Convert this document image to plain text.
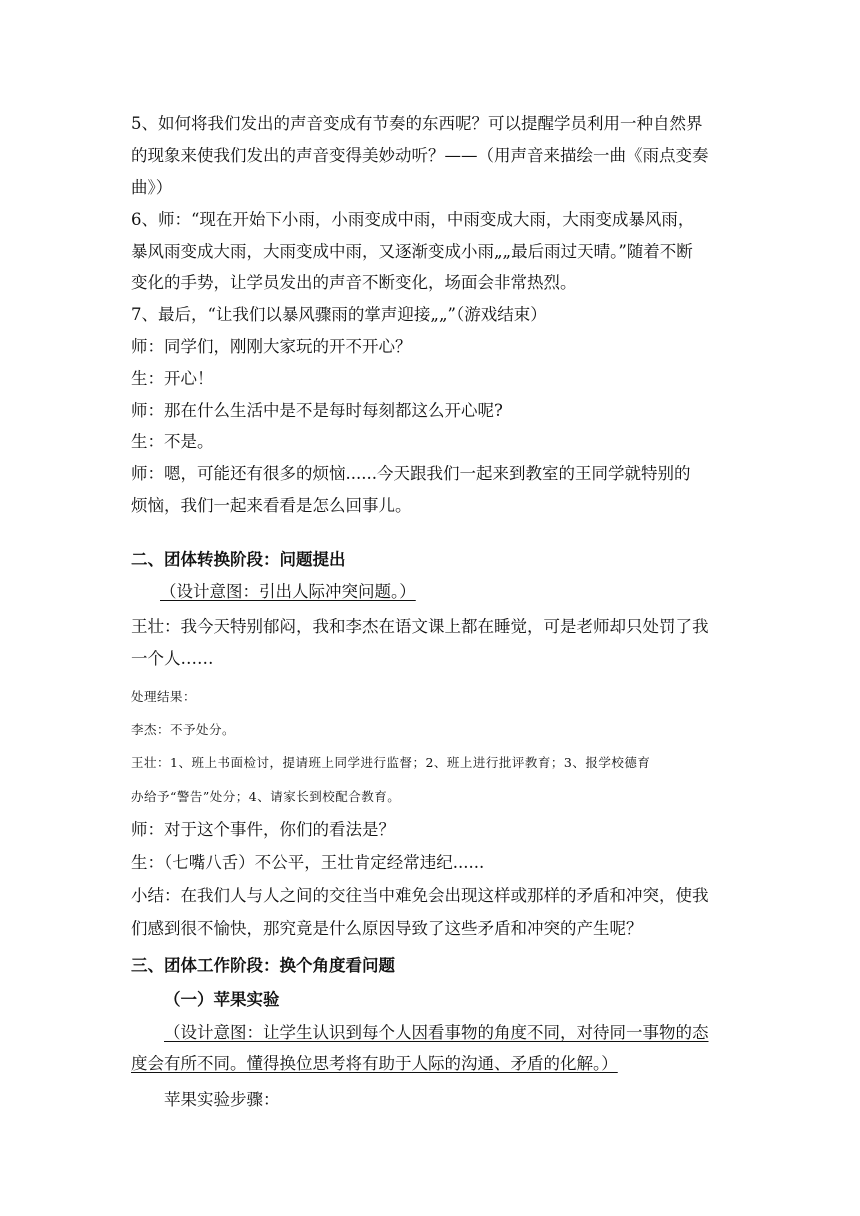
5、如何将我们发出的声音变成有节奏的东西呢？可以提醒学员利用一种自然界
的现象来使我们发出的声音变得美妙动听？——（用声音来描绘一曲《雨点变奏
曲》）
6、师：“现在开始下小雨，小雨变成中雨，中雨变成大雨，大雨变成暴风雨，
暴风雨变成大雨，大雨变成中雨，又逐渐变成小雨„„最后雨过天晴。”随着不断
变化的手势，让学员发出的声音不断变化，场面会非常热烈。
7、最后，“让我们以暴风骤雨的掌声迎接„„”（游戏结束）
师：同学们，刚刚大家玩的开不开心？
生：开心！
师：那在什么生活中是不是每时每刻都这么开心呢?
生：不是。
师：嗯，可能还有很多的烦恼......今天跟我们一起来到教室的王同学就特别的
烦恼，我们一起来看看是怎么回事儿。
二、团体转换阶段：问题提出
（设计意图：引出人际冲突问题。）
王壮：我今天特别郁闷，我和李杰在语文课上都在睡觉，可是老师却只处罚了我
一个人……
处理结果：
李杰：不予处分。
王壮：1、班上书面检讨，提请班上同学进行监督；2、班上进行批评教育；3、报学校德育
办给予“警告”处分；4、请家长到校配合教育。
师：对于这个事件，你们的看法是？
生：（七嘴八舌）不公平，王壮肯定经常违纪......
小结：在我们人与人之间的交往当中难免会出现这样或那样的矛盾和冲突，使我
们感到很不愉快，那究竟是什么原因导致了这些矛盾和冲突的产生呢？
三、团体工作阶段：换个角度看问题
（一）苹果实验
（设计意图：让学生认识到每个人因看事物的角度不同，对待同一事物的态
度会有所不同。懂得换位思考将有助于人际的沟通、矛盾的化解。）
苹果实验步骤：
